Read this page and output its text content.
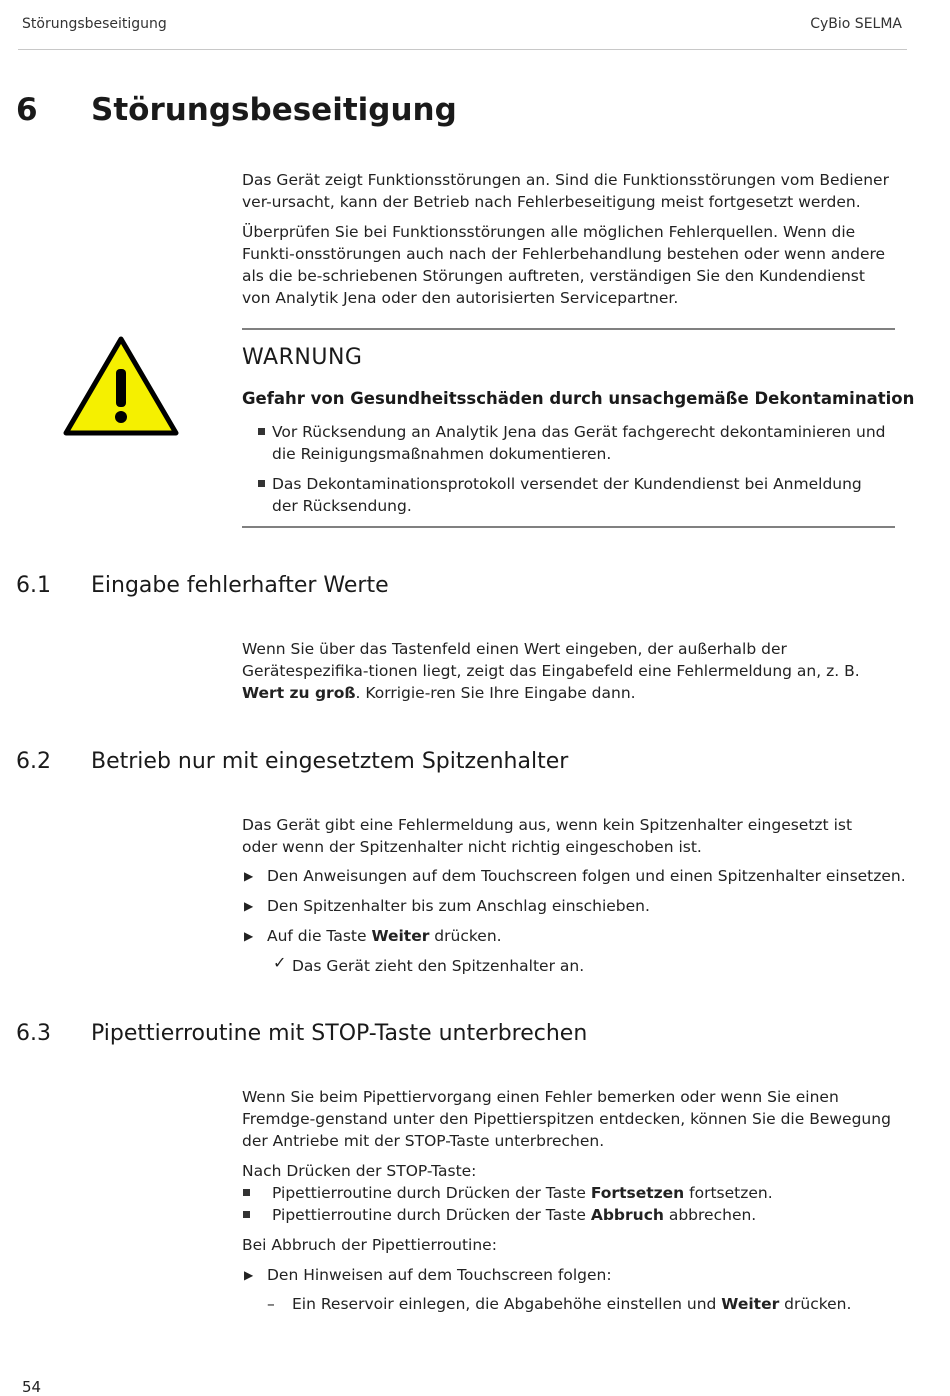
Störungsbeseitigung	CyBio SELMA
6 Störungsbeseitigung

Das Gerät zeigt Funktionsstörungen an. Sind die Funktionsstörungen vom Bediener ver-ursacht, kann der Betrieb nach Fehlerbeseitigung meist fortgesetzt werden.

Überprüfen Sie bei Funktionsstörungen alle möglichen Fehlerquellen. Wenn die Funkti-onsstörungen auch nach der Fehlerbehandlung bestehen oder wenn andere als die be-schriebenen Störungen auftreten, verständigen Sie den Kundendienst von Analytik Jena oder den autorisierten Servicepartner.

WARNUNG
Gefahr von Gesundheitsschäden durch unsachgemäße Dekontamination

Vor Rücksendung an Analytik Jena das Gerät fachgerecht dekontaminieren und die Reinigungsmaßnahmen dokumentieren.

Das Dekontaminationsprotokoll versendet der Kundendienst bei Anmeldung der Rücksendung.

6.1 Eingabe fehlerhafter Werte

Wenn Sie über das Tastenfeld einen Wert eingeben, der außerhalb der Gerätespezifika-tionen liegt, zeigt das Eingabefeld eine Fehlermeldung an, z. B. Wert zu groß. Korrigie-ren Sie Ihre Eingabe dann.

6.2 Betrieb nur mit eingesetztem Spitzenhalter

Das Gerät gibt eine Fehlermeldung aus, wenn kein Spitzenhalter eingesetzt ist oder wenn der Spitzenhalter nicht richtig eingeschoben ist.

▶ Den Anweisungen auf dem Touchscreen folgen und einen Spitzenhalter einsetzen.
▶ Den Spitzenhalter bis zum Anschlag einschieben.
▶ Auf die Taste Weiter drücken.
✓ Das Gerät zieht den Spitzenhalter an.
6.3 Pipettierroutine mit STOP-Taste unterbrechen

Wenn Sie beim Pipettiervorgang einen Fehler bemerken oder wenn Sie einen Fremdge-genstand unter den Pipettierspitzen entdecken, können Sie die Bewegung der Antriebe mit der STOP-Taste unterbrechen.

Nach Drücken der STOP-Taste:
Pipettierroutine durch Drücken der Taste Fortsetzen fortsetzen.
Pipettierroutine durch Drücken der Taste Abbruch abbrechen.
Bei Abbruch der Pipettierroutine:
▶ Den Hinweisen auf dem Touchscreen folgen:
– Ein Reservoir einlegen, die Abgabehöhe einstellen und Weiter drücken.
54
